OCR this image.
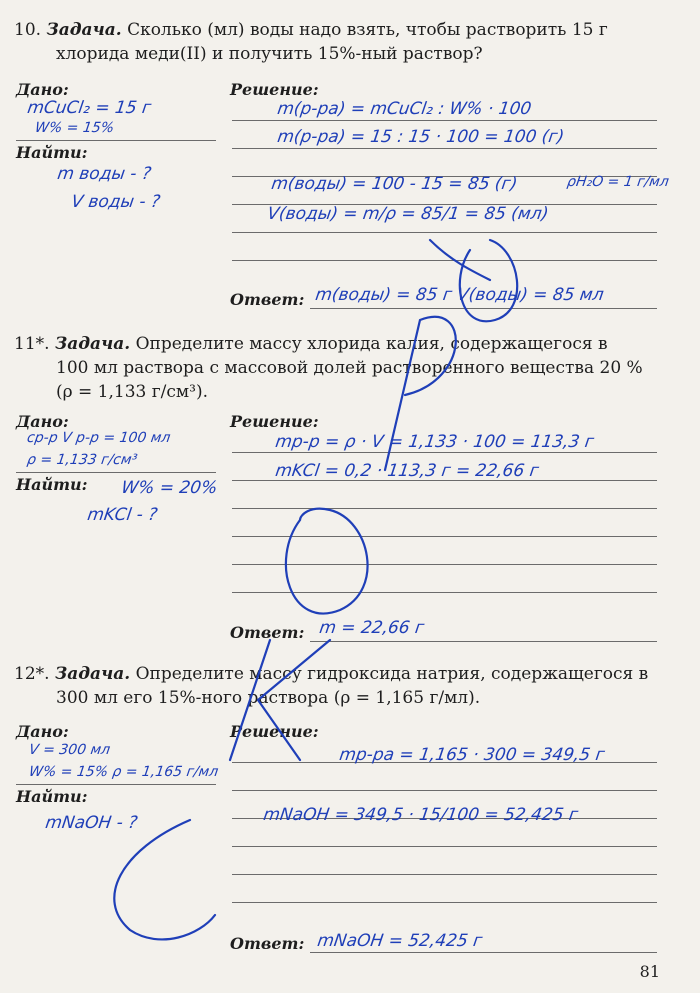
10. Задача. Сколько (мл) воды надо взять, чтобы растворить 15 г
хлорида меди(II) и получить 15%-ный раствор?
Дано:
Найти:
Решение:
Ответ:
mCuCl₂ = 15 г
W% = 15%
m воды - ?
V воды - ?
m(р-ра) = mCuCl₂ : W% · 100
m(р-ра) = 15 : 15 · 100 = 100 (г)
m(воды) = 100 - 15 = 85 (г)	ρH₂O = 1 г/мл
V(воды) = m/ρ = 85/1 = 85 (мл)
m(воды) = 85 г V(воды) = 85 мл
11*. Задача. Определите массу хлорида калия, содержащегося в
100 мл раствора с массовой долей растворенного вещества 20 %
(ρ = 1,133 г/см³).
Дано:
Найти:
Решение:
Ответ:
ср-р V р-р = 100 мл
ρ = 1,133 г/см³
W% = 20%
mKCl - ?
mр-р = ρ · V = 1,133 · 100 = 113,3 г
mKCl = 0,2 · 113,3 г = 22,66 г
m = 22,66 г
12*. Задача. Определите массу гидроксида натрия, содержащегося в
300 мл его 15%-ного раствора (ρ = 1,165 г/мл).
Дано:
Найти:
Решение:
Ответ:
V = 300 мл
W% = 15% ρ = 1,165 г/мл
mNaOH - ?
mр-ра = 1,165 · 300 = 349,5 г
mNaOH = 349,5 · 15/100 = 52,425 г
mNaOH = 52,425 г
81
